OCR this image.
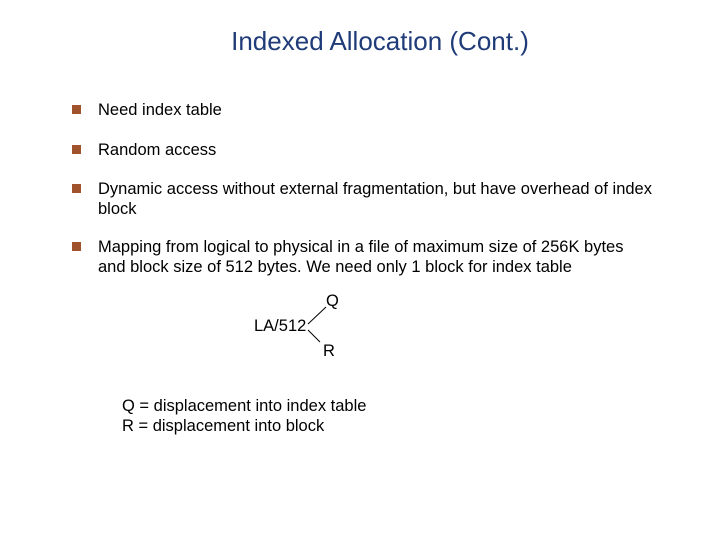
Indexed Allocation (Cont.)
Need index table
Random access
Dynamic access without external fragmentation, but have overhead of index block
Mapping from logical to physical in a file of maximum size of 256K bytes and block size of 512 bytes. We need only 1 block for index table
Q
LA/512
R
Q = displacement into index table
R = displacement into block
